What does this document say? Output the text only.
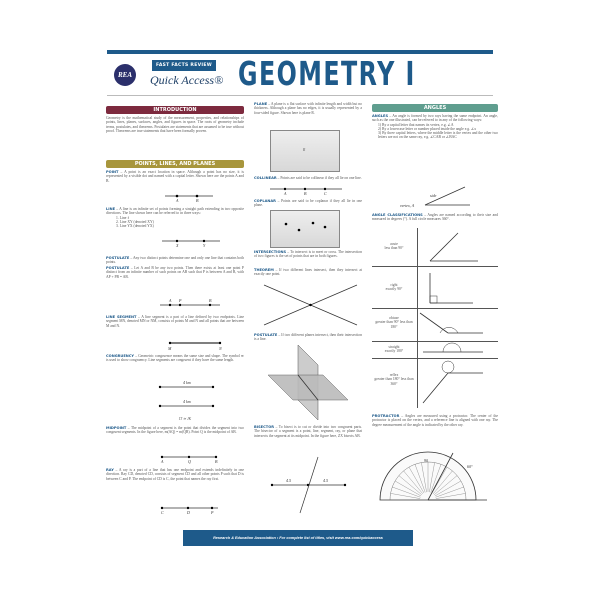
REA
FAST FACTS REVIEW
Quick Access® GEOMETRY I
INTRODUCTION
Geometry is the mathematical study of the measurement, properties, and relationships of points, lines, planes, surfaces, angles, and figures in space. The roots of geometry include terms, postulates, and theorems. Postulates are statements that are assumed to be true without proof. Theorems are true statements that have been formally proven.
POINTS, LINES, AND PLANES
POINT – A point is an exact location in space. Although a point has no size, it is represented by a visible dot and named with a capital letter. Shown here are the points A and B.
A	B
LINE – A line is an infinite set of points forming a straight path extending in two opposite directions. The line shown here can be referred to in three ways:
1. Line ℓ
2. Line XY (denoted XY)
3. Line YX (denoted YX)
X	Y
POSTULATE – Any two distinct points determine one and only one line that contains both points.
POSTULATE – Let A and B be any two points. Then there exists at least one point P distinct from an infinite number of such points on AB such that P is between A and B, with AP + PB = AB.
A P	B
LINE SEGMENT – A line segment is a part of a line defined by two endpoints. Line segment MN, denoted MN or NM, consists of points M and N and all points that are between M and N.
M	N
CONGRUENCY – Geometric congruence means the same size and shape. The symbol ≅ is used to show congruency. Line segments are congruent if they have the same length.
4 km
4 km
IT ≅ JK
MIDPOINT – The midpoint of a segment is the point that divides the segment into two congruent segments. In the figure here, m(AQ) = m(QB). Point Q is the midpoint of AB.
A	Q	B
RAY – A ray is a part of a line that has one endpoint and extends indefinitely in one direction. Ray CD, denoted CD, consists of segment CD and all other points P such that D is between C and P. The endpoint of CD is C, the point that names the ray first.
C	D	P
PLANE – A plane is a flat surface with infinite length and width but no thickness. Although a plane has no edges, it is usually represented by a four-sided figure. Shown here is plane R.
R
COLLINEAR – Points are said to be collinear if they all lie on one line.
A	B	C
COPLANAR – Points are said to be coplanar if they all lie in one plane.
INTERSECTIONS – To intersect is to meet or cross. The intersection of two figures is the set of points that are in both figures.
THEOREM – If two different lines intersect, then they intersect at exactly one point.
POSTULATE – If two different planes intersect, then their intersection is a line.
BISECTOR – To bisect is to cut or divide into two congruent parts. The bisector of a segment is a point, line, segment, ray, or plane that intersects the segment at its midpoint. In the figure here, ZX bisects AB.
4.5	4.5
ANGLES
ANGLES – An angle is formed by two rays having the same endpoint. An angle, such as the one illustrated, can be referred to in any of the following ways:
1) By a capital letter that names its vertex, e.g. ∠A
2) By a lowercase letter or number placed inside the angle e.g. ∠x
3) By three capital letters, where the middle letter is the vertex and the other two letters are not on the same ray, e.g. ∠CAB or ∠BAC
side
vertex, A
ANGLE CLASSIFICATIONS – Angles are named according to their size and measured in degrees (°). A full circle measures 360°.
acute
less than 90°
right
exactly 90°
obtuse
greater than 90° less than 180°
straight
exactly 180°
reflex
greater than 180° less than 360°
PROTRACTOR – Angles are measured using a protractor. The center of the protractor is placed on the vertex, and a reference line is aligned with one ray. The degree measurement of the angle is indicated by the other ray.
90
60°
Research & Education Association • For complete list of titles, visit www.rea.com/quickaccess
